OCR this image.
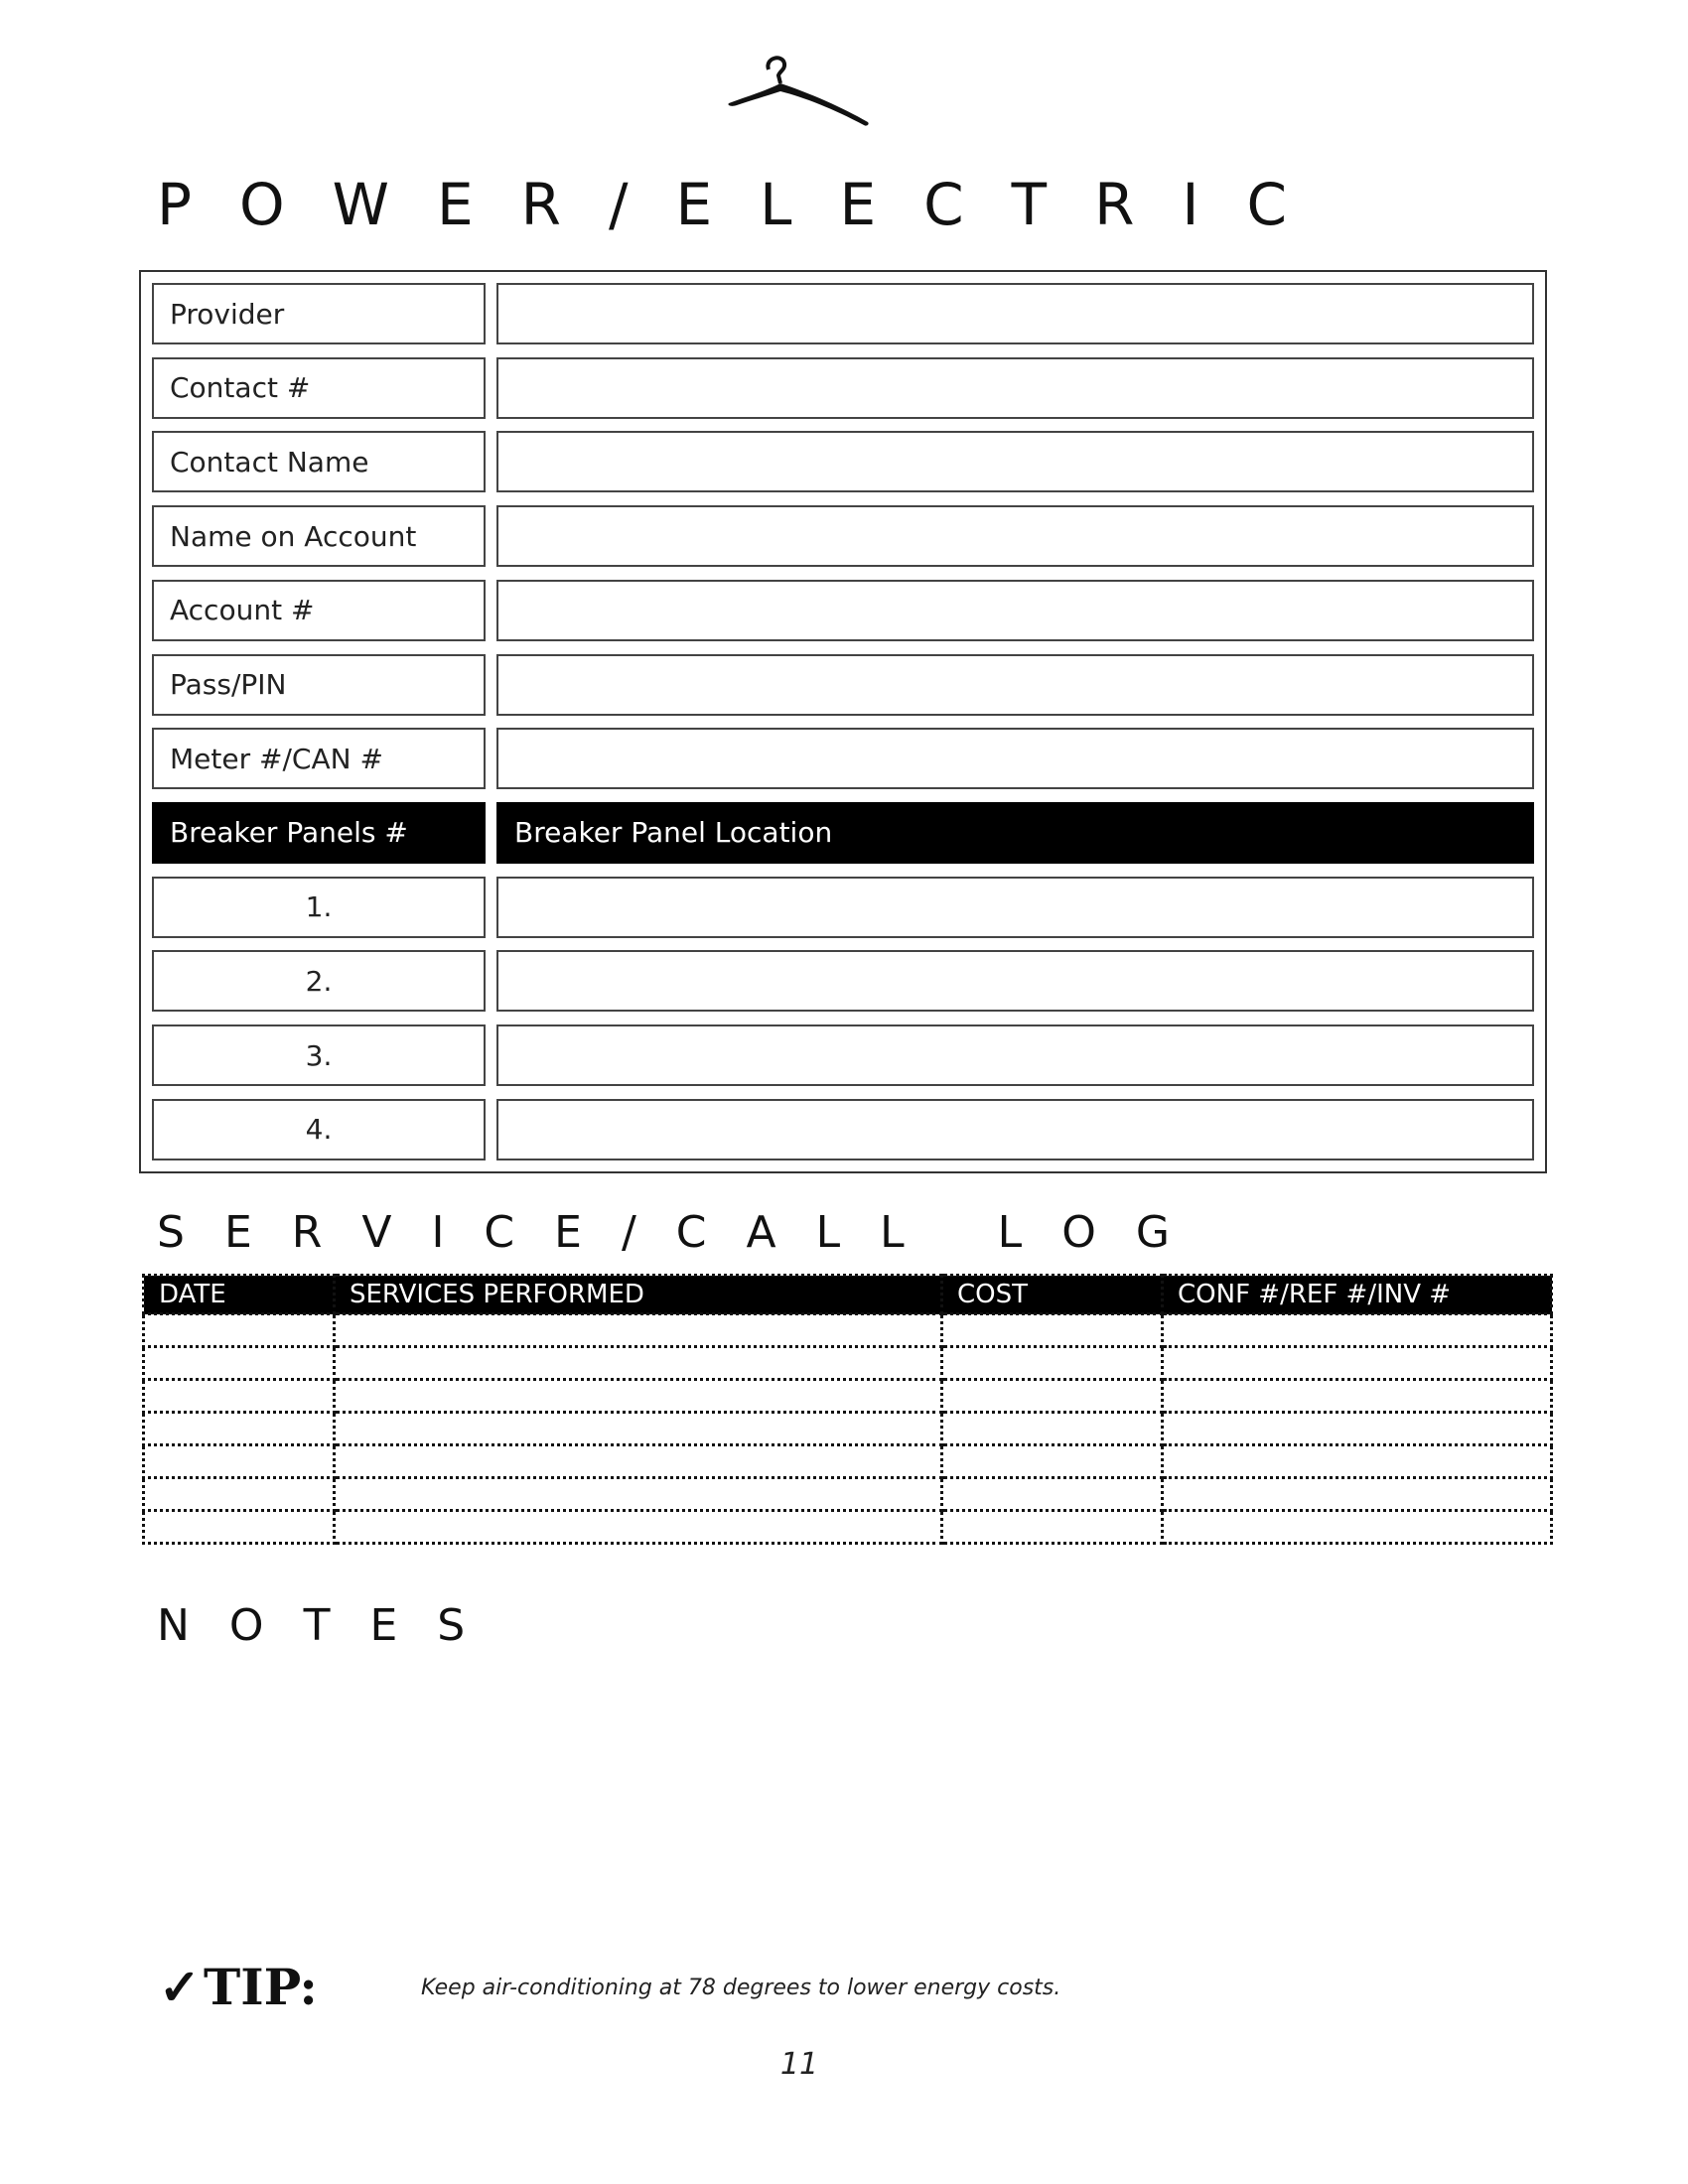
P O W E R / E L E C T R I C
Provider
Contact #
Contact Name
Name on Account
Account #
Pass/PIN
Meter #/CAN #
Breaker Panels #	Breaker Panel Location
1.
2.
3.
4.
S E R V I C E / C A L L L O G
DATE	SERVICES PERFORMED	COST	CONF #/REF #/INV #

N O T E S
✓ TIP:	Keep air-conditioning at 78 degrees to lower energy costs.
11
